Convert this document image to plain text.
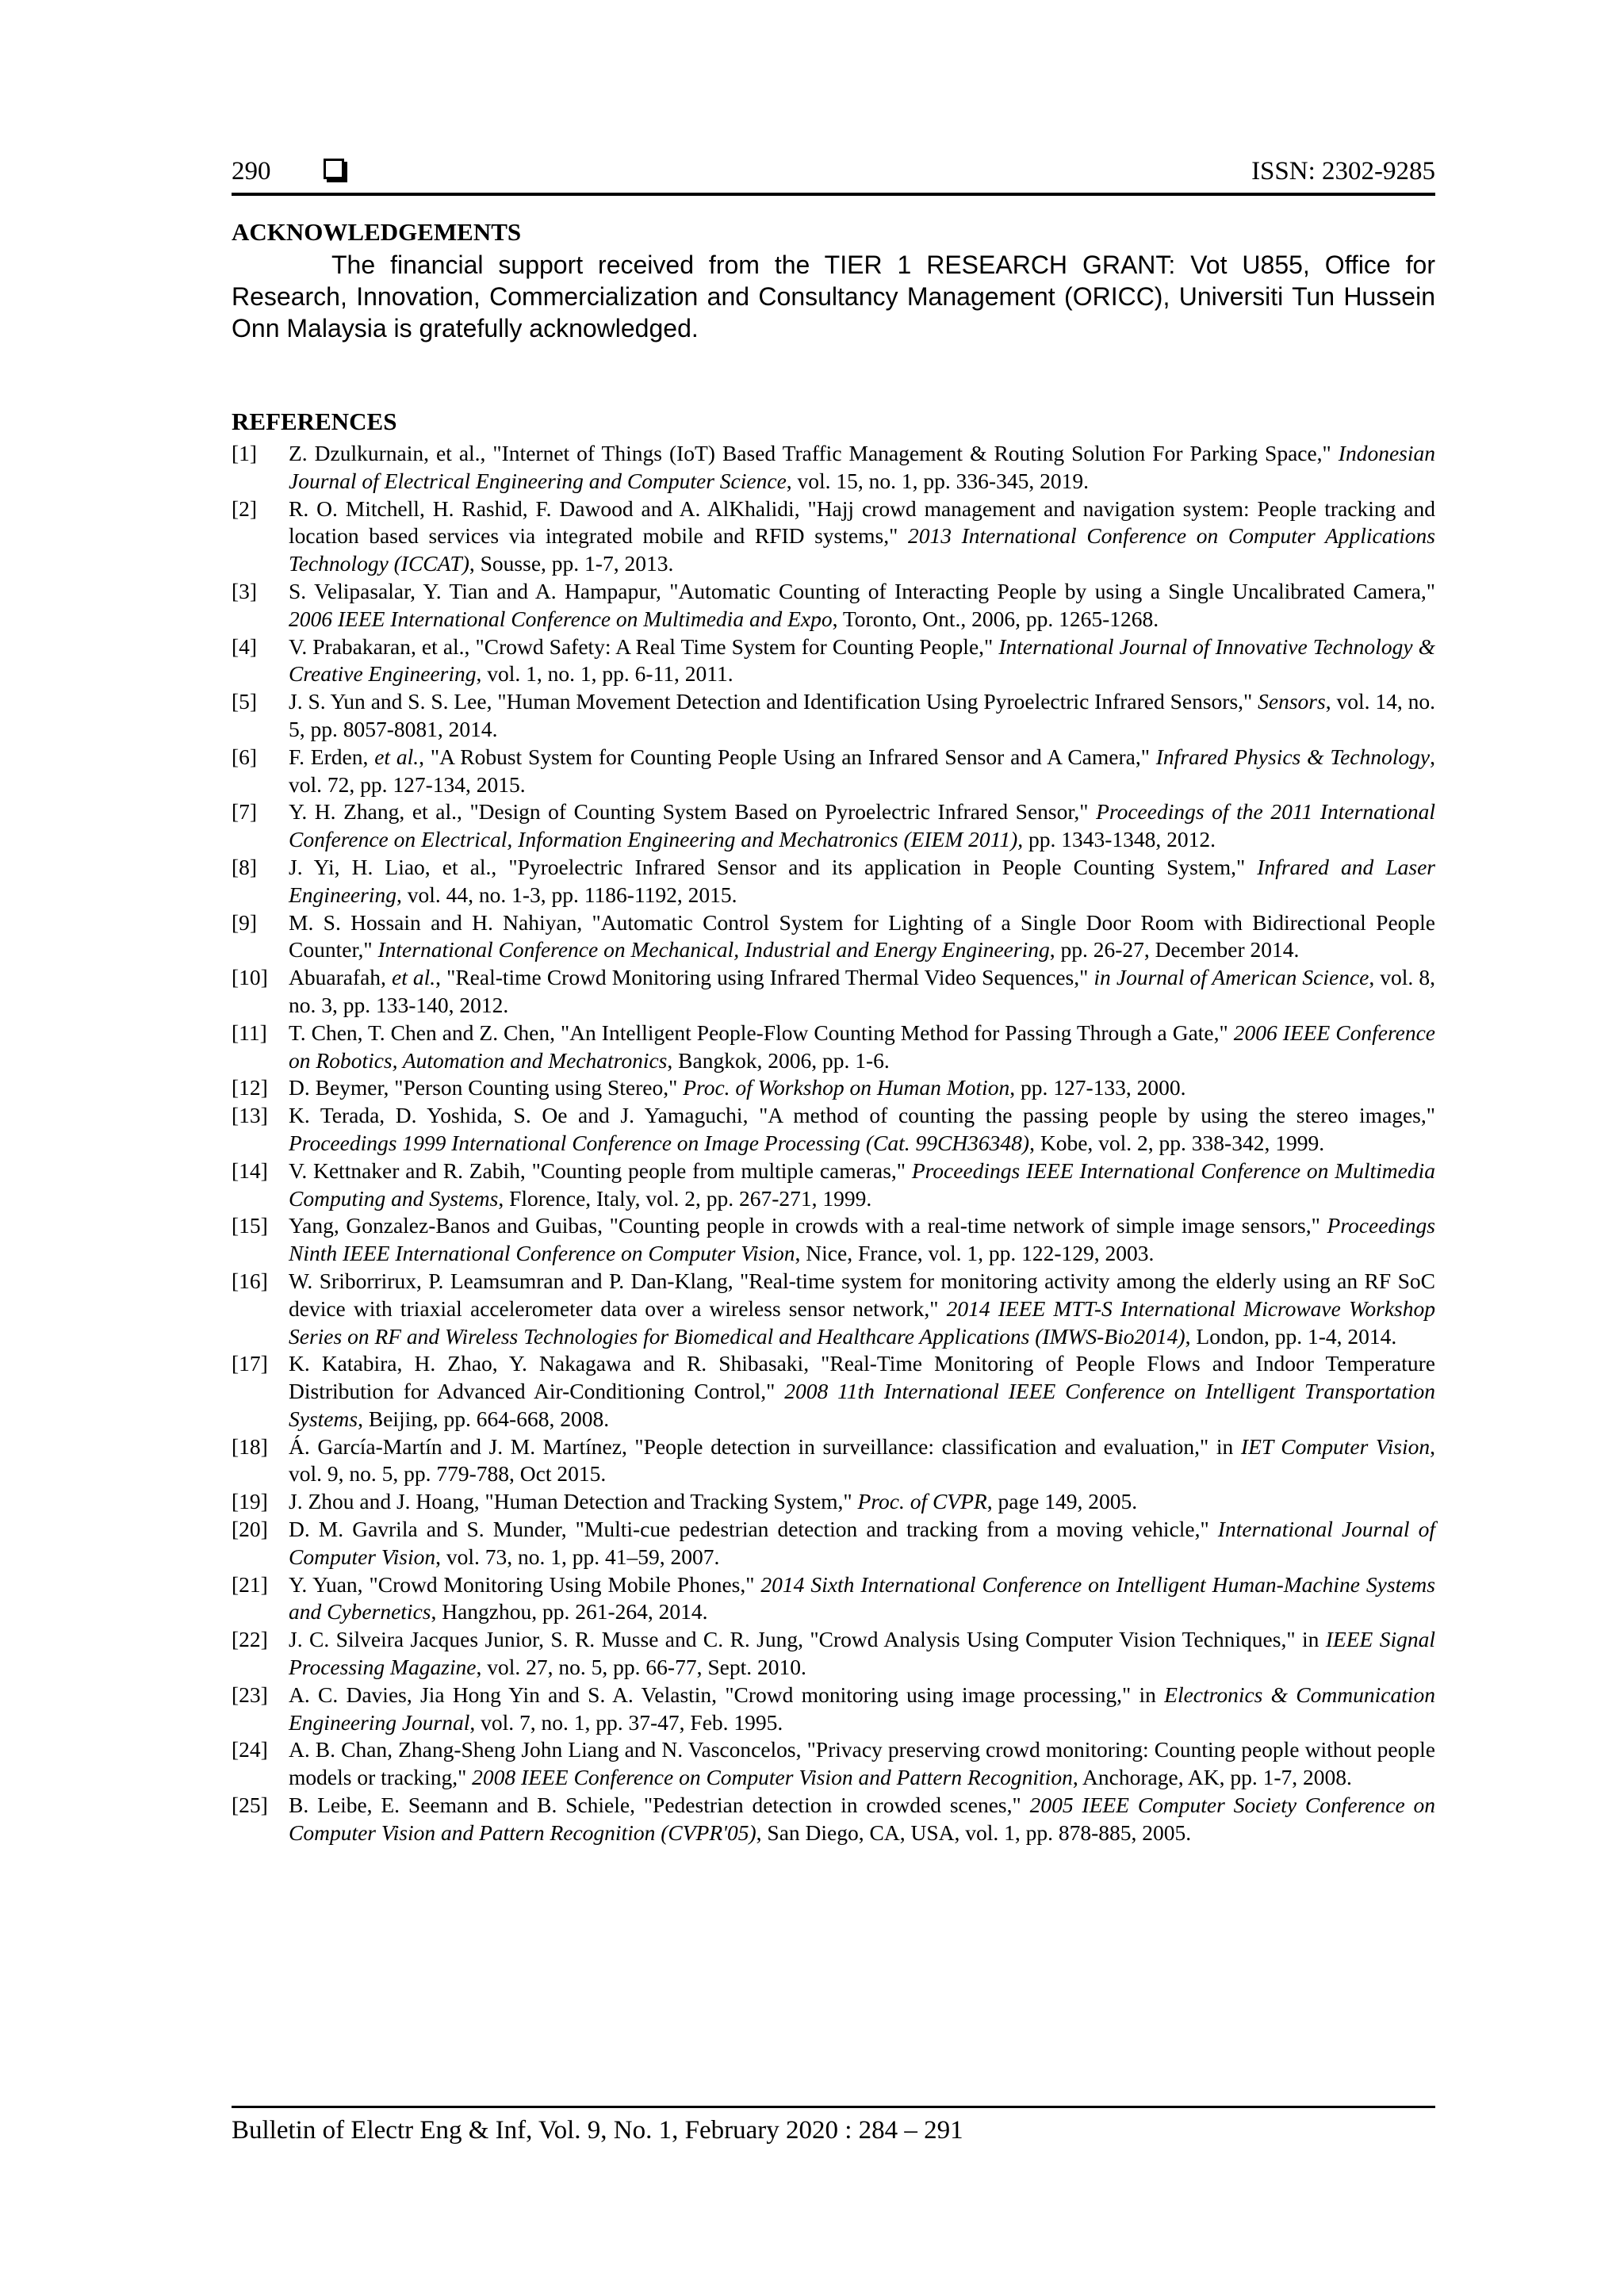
290	ISSN: 2302-9285
ACKNOWLEDGEMENTS

The financial support received from the TIER 1 RESEARCH GRANT: Vot U855, Office for Research, Innovation, Commercialization and Consultancy Management (ORICC), Universiti Tun Hussein Onn Malaysia is gratefully acknowledged.

REFERENCES
[1] Z. Dzulkurnain, et al., "Internet of Things (IoT) Based Traffic Management & Routing Solution For Parking Space," Indonesian Journal of Electrical Engineering and Computer Science, vol. 15, no. 1, pp. 336-345, 2019.
[2] R. O. Mitchell, H. Rashid, F. Dawood and A. AlKhalidi, "Hajj crowd management and navigation system: People tracking and location based services via integrated mobile and RFID systems," 2013 International Conference on Computer Applications Technology (ICCAT), Sousse, pp. 1-7, 2013.
[3] S. Velipasalar, Y. Tian and A. Hampapur, "Automatic Counting of Interacting People by using a Single Uncalibrated Camera," 2006 IEEE International Conference on Multimedia and Expo, Toronto, Ont., 2006, pp. 1265-1268.
[4] V. Prabakaran, et al., "Crowd Safety: A Real Time System for Counting People," International Journal of Innovative Technology & Creative Engineering, vol. 1, no. 1, pp. 6-11, 2011.
[5] J. S. Yun and S. S. Lee, "Human Movement Detection and Identification Using Pyroelectric Infrared Sensors," Sensors, vol. 14, no. 5, pp. 8057-8081, 2014.
[6] F. Erden, et al., "A Robust System for Counting People Using an Infrared Sensor and A Camera," Infrared Physics & Technology, vol. 72, pp. 127-134, 2015.
[7] Y. H. Zhang, et al., "Design of Counting System Based on Pyroelectric Infrared Sensor," Proceedings of the 2011 International Conference on Electrical, Information Engineering and Mechatronics (EIEM 2011), pp. 1343-1348, 2012.
[8] J. Yi, H. Liao, et al., "Pyroelectric Infrared Sensor and its application in People Counting System," Infrared and Laser Engineering, vol. 44, no. 1-3, pp. 1186-1192, 2015.
[9] M. S. Hossain and H. Nahiyan, "Automatic Control System for Lighting of a Single Door Room with Bidirectional People Counter," International Conference on Mechanical, Industrial and Energy Engineering, pp. 26-27, December 2014.
[10] Abuarafah, et al., "Real-time Crowd Monitoring using Infrared Thermal Video Sequences," in Journal of American Science, vol. 8, no. 3, pp. 133-140, 2012.
[11] T. Chen, T. Chen and Z. Chen, "An Intelligent People-Flow Counting Method for Passing Through a Gate," 2006 IEEE Conference on Robotics, Automation and Mechatronics, Bangkok, 2006, pp. 1-6.
[12] D. Beymer, "Person Counting using Stereo," Proc. of Workshop on Human Motion, pp. 127-133, 2000.
[13] K. Terada, D. Yoshida, S. Oe and J. Yamaguchi, "A method of counting the passing people by using the stereo images," Proceedings 1999 International Conference on Image Processing (Cat. 99CH36348), Kobe, vol. 2, pp. 338-342, 1999.
[14] V. Kettnaker and R. Zabih, "Counting people from multiple cameras," Proceedings IEEE International Conference on Multimedia Computing and Systems, Florence, Italy, vol. 2, pp. 267-271, 1999.
[15] Yang, Gonzalez-Banos and Guibas, "Counting people in crowds with a real-time network of simple image sensors," Proceedings Ninth IEEE International Conference on Computer Vision, Nice, France, vol. 1, pp. 122-129, 2003.
[16] W. Sriborrirux, P. Leamsumran and P. Dan-Klang, "Real-time system for monitoring activity among the elderly using an RF SoC device with triaxial accelerometer data over a wireless sensor network," 2014 IEEE MTT-S International Microwave Workshop Series on RF and Wireless Technologies for Biomedical and Healthcare Applications (IMWS-Bio2014), London, pp. 1-4, 2014.
[17] K. Katabira, H. Zhao, Y. Nakagawa and R. Shibasaki, "Real-Time Monitoring of People Flows and Indoor Temperature Distribution for Advanced Air-Conditioning Control," 2008 11th International IEEE Conference on Intelligent Transportation Systems, Beijing, pp. 664-668, 2008.
[18] Á. García-Martín and J. M. Martínez, "People detection in surveillance: classification and evaluation," in IET Computer Vision, vol. 9, no. 5, pp. 779-788, Oct 2015.
[19] J. Zhou and J. Hoang, "Human Detection and Tracking System," Proc. of CVPR, page 149, 2005.
[20] D. M. Gavrila and S. Munder, "Multi-cue pedestrian detection and tracking from a moving vehicle," International Journal of Computer Vision, vol. 73, no. 1, pp. 41–59, 2007.
[21] Y. Yuan, "Crowd Monitoring Using Mobile Phones," 2014 Sixth International Conference on Intelligent Human-Machine Systems and Cybernetics, Hangzhou, pp. 261-264, 2014.
[22] J. C. Silveira Jacques Junior, S. R. Musse and C. R. Jung, "Crowd Analysis Using Computer Vision Techniques," in IEEE Signal Processing Magazine, vol. 27, no. 5, pp. 66-77, Sept. 2010.
[23] A. C. Davies, Jia Hong Yin and S. A. Velastin, "Crowd monitoring using image processing," in Electronics & Communication Engineering Journal, vol. 7, no. 1, pp. 37-47, Feb. 1995.
[24] A. B. Chan, Zhang-Sheng John Liang and N. Vasconcelos, "Privacy preserving crowd monitoring: Counting people without people models or tracking," 2008 IEEE Conference on Computer Vision and Pattern Recognition, Anchorage, AK, pp. 1-7, 2008.
[25] B. Leibe, E. Seemann and B. Schiele, "Pedestrian detection in crowded scenes," 2005 IEEE Computer Society Conference on Computer Vision and Pattern Recognition (CVPR'05), San Diego, CA, USA, vol. 1, pp. 878-885, 2005.
Bulletin of Electr Eng & Inf, Vol. 9, No. 1, February 2020 : 284 – 291
